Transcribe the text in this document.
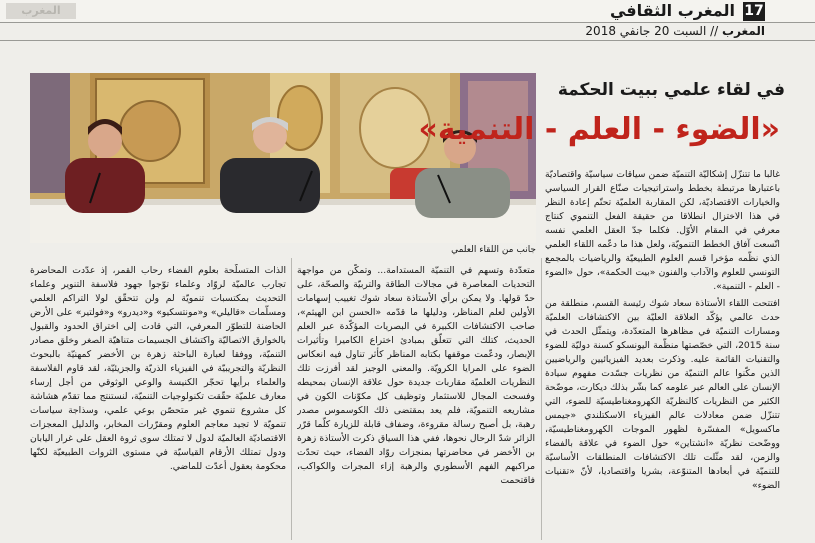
المغرب	المغرب الثقافي 17
المغرب // السبت 20 جانفي 2018
جانب من اللقاء العلمي
في لقاء علمي ببيت الحكمة
«الضوء - العلم - التنمية»

غالبا ما تتنزّل إشكاليّة التنميّة ضمن سياقات سياسيّة واقتصاديّة باعتبارها مرتبطة بخطط واستراتيجيات صنّاع القرار السياسي والخيارات الاقتصاديّة، لكن المقاربة العلميّة تحتّم إعادة النظر في هذا الاختزال انطلاقا من حقيقة الفعل التنموي كنتاج معرفي في المقام الأوّل. فكلما جدّ العقل العلمي نفسه اتّسعت آفاق الخطط التنمويّة، ولعل هذا ما دعّمه اللقاء العلمي الذي نظّمه مؤخرا قسم العلوم الطبيعيّة والرياضيات بالمجمع التونسي للعلوم والآداب والفنون «بيت الحكمة»، حول «الضوء - العلم - التنمية».

افتتحت اللقاء الأستاذة سعاد شوك رئيسة القسم، منطلقة من حدث عالمي يؤكّد العلاقة العليّة بين الاكتشافات العلميّة ومسارات التنميّة في مظاهرها المتعدّدة، ويتمثّل الحدث في سنة 2015، التي خصّصتها منظّمة اليونسكو كسنة دوليّة للضوء والتقنيات القائمة عليه. وذكرت بعديد الفيزيائيين والرياضيين الذين مكّنوا عالم التنميّة من نظريات جسّدت مفهوم سيادة الإنسان على العالم عبر علومه كما بشّر بذلك ديكارت، موضّحة الكثير من النظريات كالنظريّة الكهرومغناطيسيّة للضوء، التي تتنزّل ضمن معادلات عالم الفيزياء الاسكتلندي «جيمس ماكسويل» المفسّرة لظهور الموجات الكهرومغناطيسيّة، ووضّحت نظريّة «انشتاين» حول الضوء في علاقة بالفضاء والزمن، لقد مثّلت تلك الاكتشافات المنطلقات الأساسيّة للتنميّة في أبعادها المتنوّعة، بشريا واقتصاديا، لأنّ «تقنيات الضوء»

متعدّدة وتسهم في التنميّة المستدامة... وتمكّن من مواجهة التحديات المعاصرة في مجالات الطاقة والتربيّة والصحّة، على حدّ قولها. ولا يمكن برأي الأستاذة سعاد شوك تغييب إسهامات الأولين لعلم المناظر، ودليلها ما قدّمه «الحسن ابن الهيثم»، صاحب الاكتشافات الكبيرة في البصريات المؤكّدة عبر العلم الحديث، كتلك التي تتعلّق بمبادئ اختراع الكاميرا وتأثيرات الإبصار، ودعّمت موقفها بكتابه المناظر كأثر تناول فيه انعكاس الضوء على المرايا الكرويّة. والمعنى الوجيز لقد أفرزت تلك النظريات العلميّة مقاربات جديدة حول علاقة الإنسان بمحيطه وفسحت المجال للاستثمار وتوظيف كل مكوّنات الكون في مشاريعه التنمويّة، فلم يعد بمقتضى ذلك الكوسموس مصدر رهبة، بل أصبح رسالة مقروءة، وضفاف قابلة للزيارة كلّما قرّر الزائر شدّ الرحال نحوها، ففي هذا السياق ذكرت الأستاذة زهرة بن الأخضر في محاضرتها بمنجزات روّاد الفضاء، حيث تحدّت مراكبهم الفهم الأسطوري والرهبة إزاء المجرات والكواكب، فاقتحمت

الذات المتسلّحة بعلوم الفضاء رحاب القمر، إذ عدّدت المحاضرة تجارب عالميّة لروّاد وعلماء توّجوا جهود فلاسفة التنوير وعلماء التحديث بمكتسبات تنمويّة لم ولن تتحقّق لولا التراكم العلمي ومسلّمات «قاليلي» و«مونتسكيو» و«ديدرو» و«فولتير» على الأرض الحاضنة للتطوّر المعرفي، التي قادت إلى اختراق الحدود والقبول بالخوارق الاتصاليّة واكتشاف الجسيمات متناهيّة الصغر وخلق مصادر التنميّة، ووفقا لعبارة الباحثة زهرة بن الأخضر كمهنيّة بالبحوث النظريّة والتجريبيّة في الفيزياء الذريّة والجزيئيّة، لقد قاوم الفلاسفة والعلماء برأيها تحجّر الكنيسة والوعي الوثوقي من أجل إرساء معارف علميّة حقّقت تكنولوجيات التنميّة، لنستنتج مما تقدّم هشاشة كل مشروع تنموي غير متحصّن بوعي علمي، وسذاجة سياسات تنمويّة لا تجيد معاجم العلوم ومقرّرات المخابر، والدليل المعجزات الاقتصاديّة العالميّة لدول لا تمتلك سوى ثروة العقل على غرار اليابان ودول تمتلك الأرقام القياسيّة في مستوى الثروات الطبيعيّة لكنّها محكومة بعقول أعدّت للماضي.
